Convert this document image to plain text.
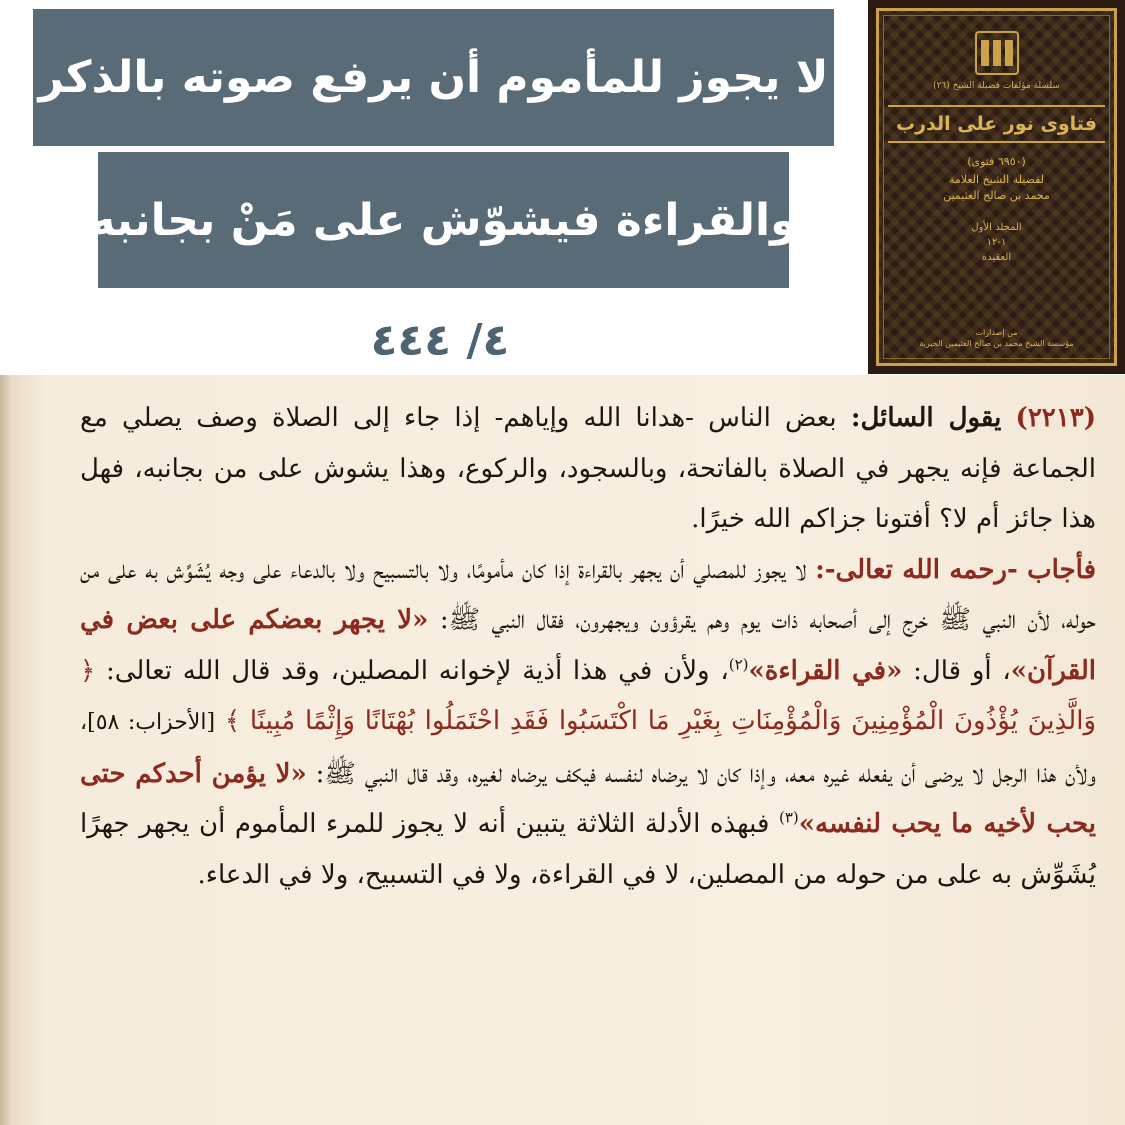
لا يجوز للمأموم أن يرفع صوته بالذكر
والقراءة فيشوّش على مَنْ بجانبه
٤/ ٤٤٤
سلسلة مؤلفات فضيلة الشيخ (٢٦)
فتاوى نور على الدرب
(٦٩٥٠ فتوى)
لفضيلة الشيخ العلامة
محمد بن صالح العثيمين
المجلد الأول
١-١٢
العقيدة
من إصدارات
مؤسسة الشيخ محمد بن صالح العثيمين الخيرية

(٢٢١٣) يقول السائل: بعض الناس -هدانا الله وإياهم- إذا جاء إلى الصلاة وصف يصلي مع الجماعة فإنه يجهر في الصلاة بالفاتحة، وبالسجود، والركوع، وهذا يشوش على من بجانبه، فهل هذا جائز أم لا؟ أفتونا جزاكم الله خيرًا.

فأجاب -رحمه الله تعالى-: لا يجوز للمصلي أن يجهر بالقراءة إذا كان مأمومًا، ولا بالتسبيح ولا بالدعاء على وجه يُشَوِّش به على من حوله، لأن النبي ﷺ خرج إلى أصحابه ذات يوم وهم يقرؤون ويجهرون، فقال النبي ﷺ: «لا يجهر بعضكم على بعض في القرآن»، أو قال: «في القراءة»$^{(٢)}$، ولأن في هذا أذية لإخوانه المصلين، وقد قال الله تعالى: ﴿ وَالَّذِينَ يُؤْذُونَ الْمُؤْمِنِينَ وَالْمُؤْمِنَاتِ بِغَيْرِ مَا اكْتَسَبُوا فَقَدِ احْتَمَلُوا بُهْتَانًا وَإِثْمًا مُبِينًا ﴾ [الأحزاب: ٥٨]، ولأن هذا الرجل لا يرضى أن يفعله غيره معه، وإذا كان لا يرضاه لنفسه فيكف يرضاه لغيره، وقد قال النبي ﷺ: «لا يؤمن أحدكم حتى يحب لأخيه ما يحب لنفسه»$^{(٣)}$ فبهذه الأدلة الثلاثة يتبين أنه لا يجوز للمرء المأموم أن يجهر جهرًا يُشَوِّش به على من حوله من المصلين، لا في القراءة، ولا في التسبيح، ولا في الدعاء.
